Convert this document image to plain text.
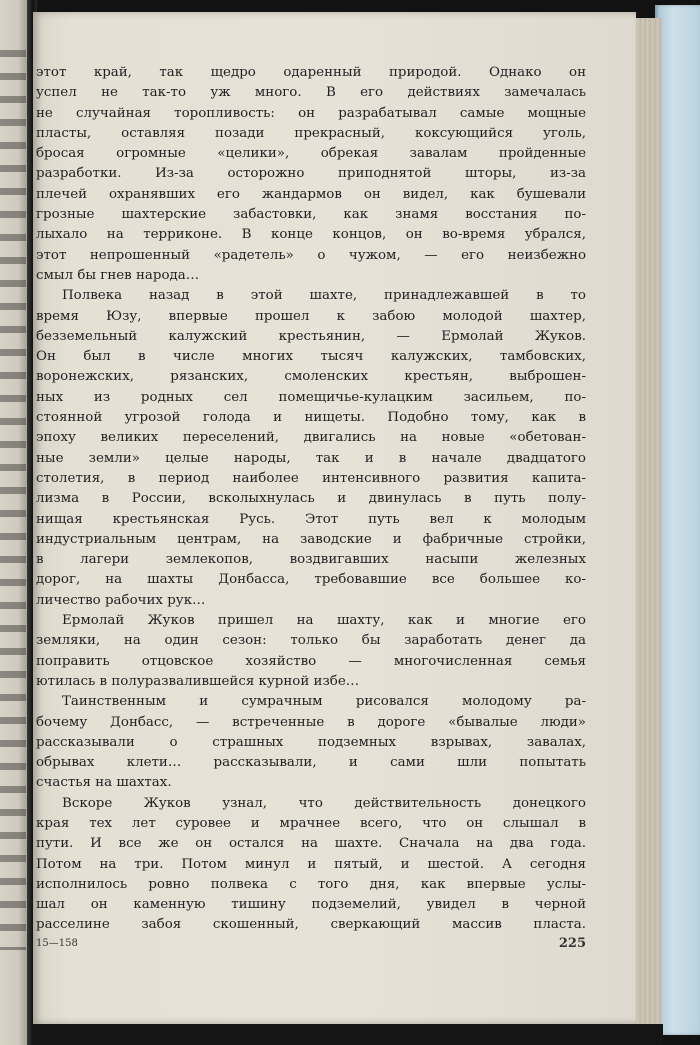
этот край, так щедро одаренный природой. Однако он
успел не так-то уж много. В его действиях замечалась
не случайная торопливость: он разрабатывал самые мощные
пласты, оставляя позади прекрасный, коксующийся уголь,
бросая огромные «целики», обрекая завалам пройденные
разработки. Из-за осторожно приподнятой шторы, из-за
плечей охранявших его жандармов он видел, как бушевали
грозные шахтерские забастовки, как знамя восстания по-
лыхало на терриконе. В конце концов, он во-время убрался,
этот непрошенный «радетель» о чужом, — его неизбежно
смыл бы гнев народа…
Полвека назад в этой шахте, принадлежавшей в то
время Юзу, впервые прошел к забою молодой шахтер,
безземельный калужский крестьянин, — Ермолай Жуков.
Он был в числе многих тысяч калужских, тамбовских,
воронежских, рязанских, смоленских крестьян, выброшен-
ных из родных сел помещичье-кулацким засильем, по-
стоянной угрозой голода и нищеты. Подобно тому, как в
эпоху великих переселений, двигались на новые «обетован-
ные земли» целые народы, так и в начале двадцатого
столетия, в период наиболее интенсивного развития капита-
лизма в России, всколыхнулась и двинулась в путь полу-
нищая крестьянская Русь. Этот путь вел к молодым
индустриальным центрам, на заводские и фабричные стройки,
в лагери землекопов, воздвигавших насыпи железных
дорог, на шахты Донбасса, требовавшие все большее ко-
личество рабочих рук…
Ермолай Жуков пришел на шахту, как и многие его
земляки, на один сезон: только бы заработать денег да
поправить отцовское хозяйство — многочисленная семья
ютилась в полуразвалившейся курной избе…
Таинственным и сумрачным рисовался молодому ра-
бочему Донбасс, — встреченные в дороге «бывалые люди»
рассказывали о страшных подземных взрывах, завалах,
обрывах клети… рассказывали, и сами шли попытать
счастья на шахтах.
Вскоре Жуков узнал, что действительность донецкого
края тех лет суровее и мрачнее всего, что он слышал в
пути. И все же он остался на шахте. Сначала на два года.
Потом на три. Потом минул и пятый, и шестой. А сегодня
исполнилось ровно полвека с того дня, как впервые услы-
шал он каменную тишину подземелий, увидел в черной
расселине забоя скошенный, сверкающий массив пласта.
15—158	225
